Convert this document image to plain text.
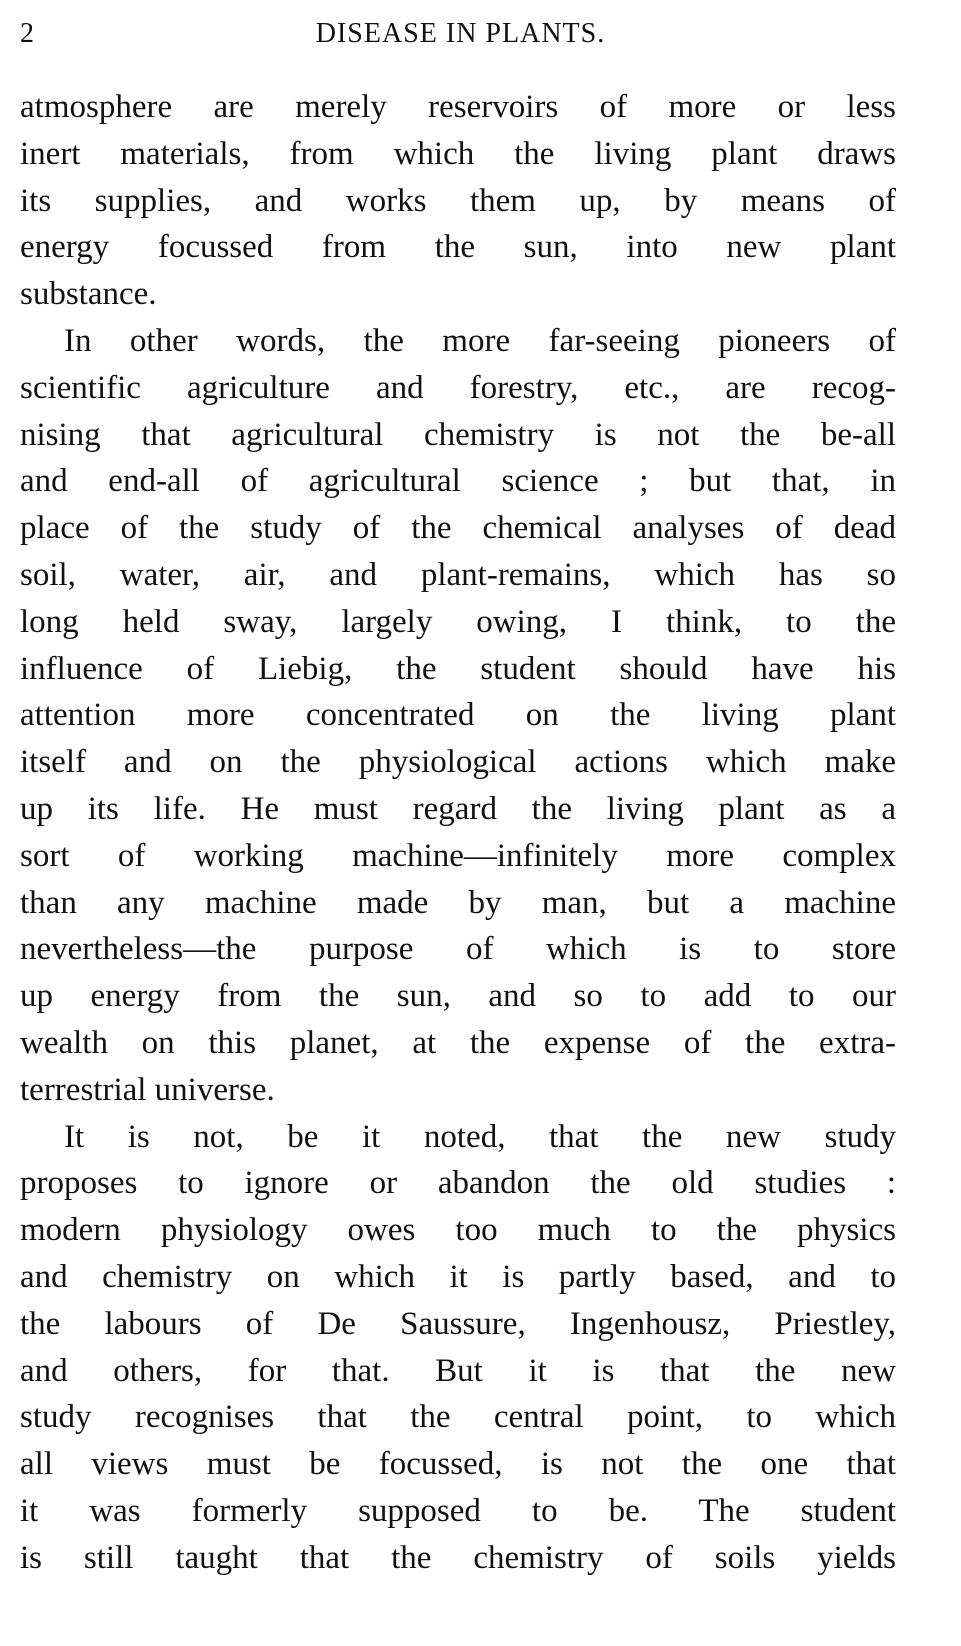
2	DISEASE IN PLANTS.
atmosphere are merely reservoirs of more or less
inert materials, from which the living plant draws
its supplies, and works them up, by means of
energy focussed from the sun, into new plant
substance.
In other words, the more far-seeing pioneers of
scientific agriculture and forestry, etc., are recog-
nising that agricultural chemistry is not the be-all
and end-all of agricultural science ; but that, in
place of the study of the chemical analyses of dead
soil, water, air, and plant-remains, which has so
long held sway, largely owing, I think, to the
influence of Liebig, the student should have his
attention more concentrated on the living plant
itself and on the physiological actions which make
up its life. He must regard the living plant as a
sort of working machine—infinitely more complex
than any machine made by man, but a machine
nevertheless—the purpose of which is to store
up energy from the sun, and so to add to our
wealth on this planet, at the expense of the extra-
terrestrial universe.
It is not, be it noted, that the new study
proposes to ignore or abandon the old studies :
modern physiology owes too much to the physics
and chemistry on which it is partly based, and to
the labours of De Saussure, Ingenhousz, Priestley,
and others, for that. But it is that the new
study recognises that the central point, to which
all views must be focussed, is not the one that
it was formerly supposed to be. The student
is still taught that the chemistry of soils yields
